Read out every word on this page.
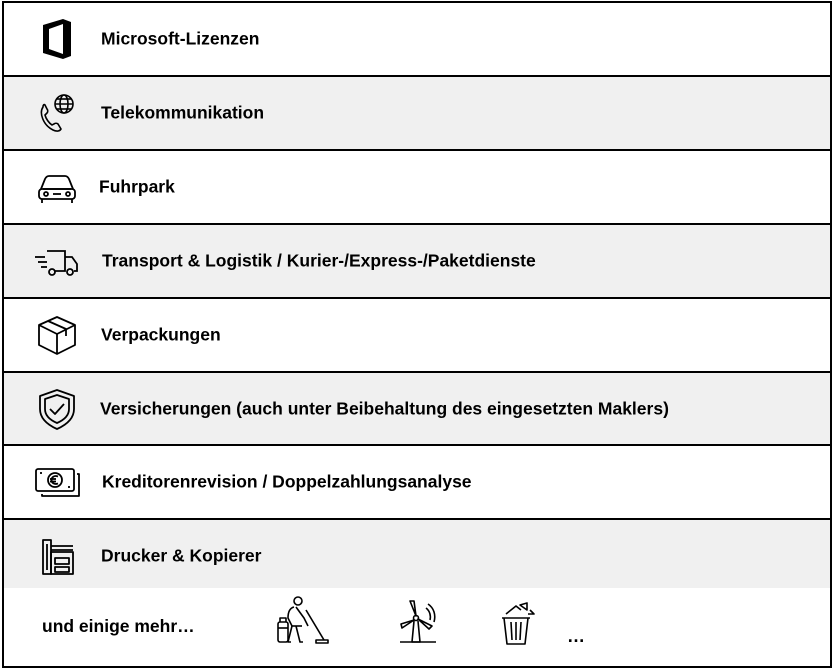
Microsoft-Lizenzen
Telekommunikation
Fuhrpark
Transport & Logistik / Kurier-/Express-/Paketdienste
Verpackungen
Versicherungen (auch unter Beibehaltung des eingesetzten Maklers)
Kreditorenrevision / Doppelzahlungsanalyse
Drucker & Kopierer
und einige mehr…	…
